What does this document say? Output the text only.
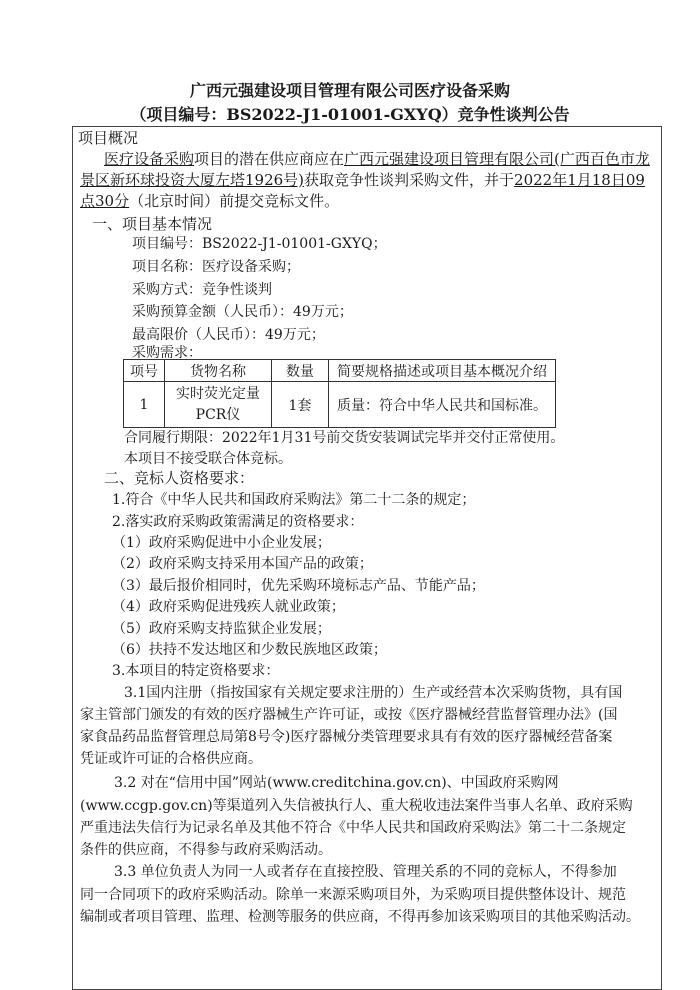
广西元强建设项目管理有限公司医疗设备采购
（项目编号：BS2022-J1-01001-GXYQ）竞争性谈判公告
项目概况
医疗设备采购项目的潜在供应商应在广西元强建设项目管理有限公司(广西百色市龙
景区新环球投资大厦左塔1926号)获取竞争性谈判采购文件，并于2022年1月18日09
点30分（北京时间）前提交竞标文件。
一、项目基本情况
项目编号：BS2022-J1-01001-GXYQ；
项目名称：医疗设备采购；
采购方式：竞争性谈判
采购预算金额（人民币）：49万元；
最高限价（人民币）：49万元；
采购需求：
项号	货物名称	数量	简要规格描述或项目基本概况介绍
1	实时荧光定量
PCR仪	1套	质量：符合中华人民共和国标准。
合同履行期限：2022年1月31号前交货安装调试完毕并交付正常使用。
本项目不接受联合体竞标。
二、竞标人资格要求：
1.符合《中华人民共和国政府采购法》第二十二条的规定；
2.落实政府采购政策需满足的资格要求：
（1）政府采购促进中小企业发展；
（2）政府采购支持采用本国产品的政策；
（3）最后报价相同时，优先采购环境标志产品、节能产品；
（4）政府采购促进残疾人就业政策；
（5）政府采购支持监狱企业发展；
（6）扶持不发达地区和少数民族地区政策；
3.本项目的特定资格要求：
3.1国内注册（指按国家有关规定要求注册的）生产或经营本次采购货物，具有国
家主管部门颁发的有效的医疗器械生产许可证，或按《医疗器械经营监督管理办法》(国
家食品药品监督管理总局第8号令)医疗器械分类管理要求具有有效的医疗器械经营备案
凭证或许可证的合格供应商。
3.2 对在“信用中国”网站(www.creditchina.gov.cn)、中国政府采购网
(www.ccgp.gov.cn)等渠道列入失信被执行人、重大税收违法案件当事人名单、政府采购
严重违法失信行为记录名单及其他不符合《中华人民共和国政府采购法》第二十二条规定
条件的供应商，不得参与政府采购活动。
3.3 单位负责人为同一人或者存在直接控股、管理关系的不同的竞标人，不得参加
同一合同项下的政府采购活动。除单一来源采购项目外，为采购项目提供整体设计、规范
编制或者项目管理、监理、检测等服务的供应商，不得再参加该采购项目的其他采购活动。
